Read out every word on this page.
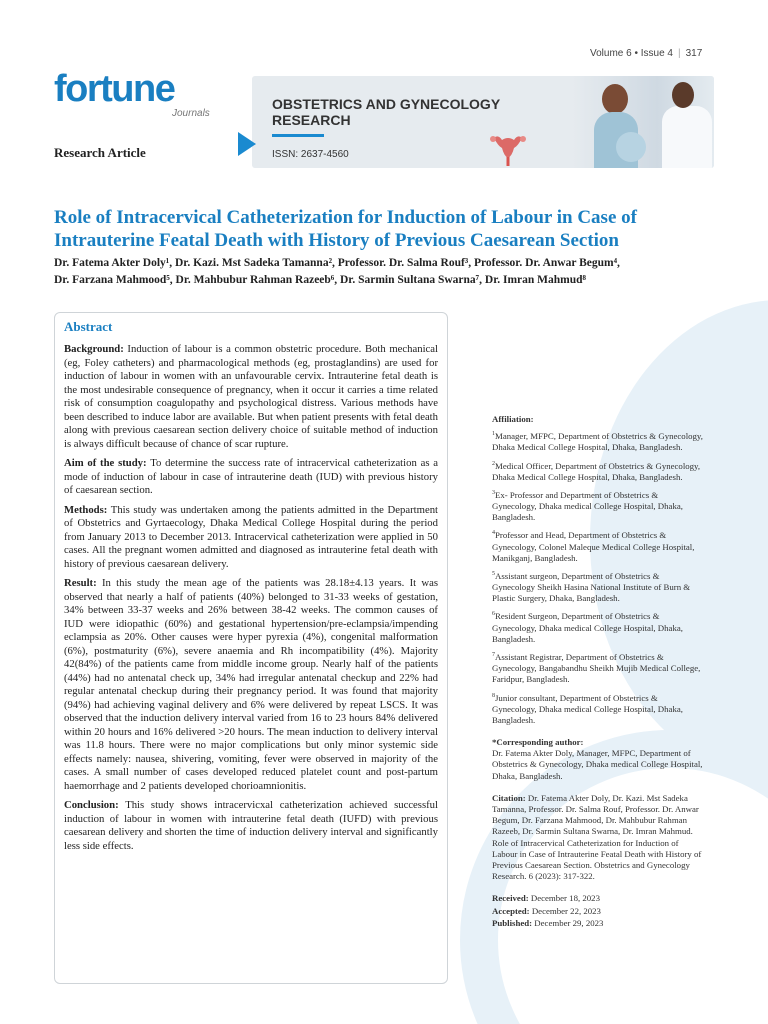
Volume 6 • Issue 4 | 317
fortune
Journals
Research Article
OBSTETRICS AND GYNECOLOGY
RESEARCH
ISSN: 2637-4560
Role of Intracervical Catheterization for Induction of Labour in Case of Intrauterine Featal Death with History of Previous Caesarean Section
Dr. Fatema Akter Doly¹, Dr. Kazi. Mst Sadeka Tamanna², Professor. Dr. Salma Rouf³, Professor. Dr. Anwar Begum⁴,
Dr. Farzana Mahmood⁵, Dr. Mahbubur Rahman Razeeb⁶, Dr. Sarmin Sultana Swarna⁷, Dr. Imran Mahmud⁸
Abstract

Background: Induction of labour is a common obstetric procedure. Both mechanical (eg, Foley catheters) and pharmacological methods (eg, prostaglandins) are used for induction of labour in women with an unfavourable cervix. Intrauterine fetal death is the most undesirable consequence of pregnancy, when it occur it carries a time related risk of consumption coagulopathy and psychological distress. Various methods have been described to induce labor are available. But when patient presents with fetal death along with previous caesarean section delivery choice of suitable method of induction is always difficult because of chance of scar rupture.

Aim of the study: To determine the success rate of intracervical catheterization as a mode of induction of labour in case of intrauterine death (IUD) with previous history of caesarean section.

Methods: This study was undertaken among the patients admitted in the Department of Obstetrics and Gyrtaecology, Dhaka Medical College Hospital during the period from January 2013 to December 2013. Intracervical catheterization were applied in 50 cases. All the pregnant women admitted and diagnosed as intrauterine fetal death with history of previous caesarean delivery.

Result: In this study the mean age of the patients was 28.18±4.13 years. It was observed that nearly a half of patients (40%) belonged to 31-33 weeks of gestation, 34% between 33-37 weeks and 26% between 38-42 weeks. The common causes of IUD were idiopathic (60%) and gestational hypertension/pre-eclampsia/impending eclampsia as 20%. Other causes were hyper pyrexia (4%), congenital malformation (6%), postmaturity (6%), severe anaemia and Rh incompatibility (4%). Majority 42(84%) of the patients came from middle income group. Nearly half of the patients (44%) had no antenatal check up, 34% had irregular antenatal checkup and 22% had regular antenatal checkup during their pregnancy period. It was found that majority (94%) had achieving vaginal delivery and 6% were delivered by repeat LSCS. It was observed that the induction delivery interval varied from 16 to 23 hours 84% delivered within 20 hours and 16% delivered >20 hours. The mean induction to delivery interval was 11.8 hours. There were no major complications but only minor systemic side effects namely: nausea, shivering, vomiting, fever were observed in majority of the cases. A small number of cases developed reduced platelet count and post-partum haemorrhage and 2 patients developed chorioamnionitis.

Conclusion: This study shows intracervicxal catheterization achieved successful induction of labour in women with intrauterine fetal death (IUFD) with previous caesarean delivery and shorten the time of induction delivery interval and significantly less side effects.

Affiliation:
$^1$Manager, MFPC, Department of Obstetrics & Gynecology, Dhaka Medical College Hospital, Dhaka, Bangladesh.
$^2$Medical Officer, Department of Obstetrics & Gynecology, Dhaka Medical College Hospital, Dhaka, Bangladesh.
$^3$Ex- Professor and Department of Obstetrics & Gynecology, Dhaka medical College Hospital, Dhaka, Bangladesh.
$^4$Professor and Head, Department of Obstetrics & Gynecology, Colonel Maleque Medical College Hospital, Manikganj, Bangladesh.
$^5$Assistant surgeon, Department of Obstetrics & Gynecology Sheikh Hasina National Institute of Burn & Plastic Surgery, Dhaka, Bangladesh.
$^6$Resident Surgeon, Department of Obstetrics & Gynecology, Dhaka medical College Hospital, Dhaka, Bangladesh.
$^7$Assistant Registrar, Department of Obstetrics & Gynecology, Bangabandhu Sheikh Mujib Medical College, Faridpur, Bangladesh.
$^8$Junior consultant, Department of Obstetrics & Gynecology, Dhaka medical College Hospital, Dhaka, Bangladesh.
*Corresponding author:
Dr. Fatema Akter Doly, Manager, MFPC, Department of Obstetrics & Gynecology, Dhaka medical College Hospital, Dhaka, Bangladesh.
Citation: Dr. Fatema Akter Doly, Dr. Kazi. Mst Sadeka Tamanna, Professor. Dr. Salma Rouf, Professor. Dr. Anwar Begum, Dr. Farzana Mahmood, Dr. Mahbubur Rahman Razeeb, Dr. Sarmin Sultana Swarna, Dr. Imran Mahmud. Role of Intracervical Catheterization for Induction of Labour in Case of Intrauterine Featal Death with History of Previous Caesarean Section. Obstetrics and Gynecology Research. 6 (2023): 317-322.
Received: December 18, 2023
Accepted: December 22, 2023
Published: December 29, 2023
